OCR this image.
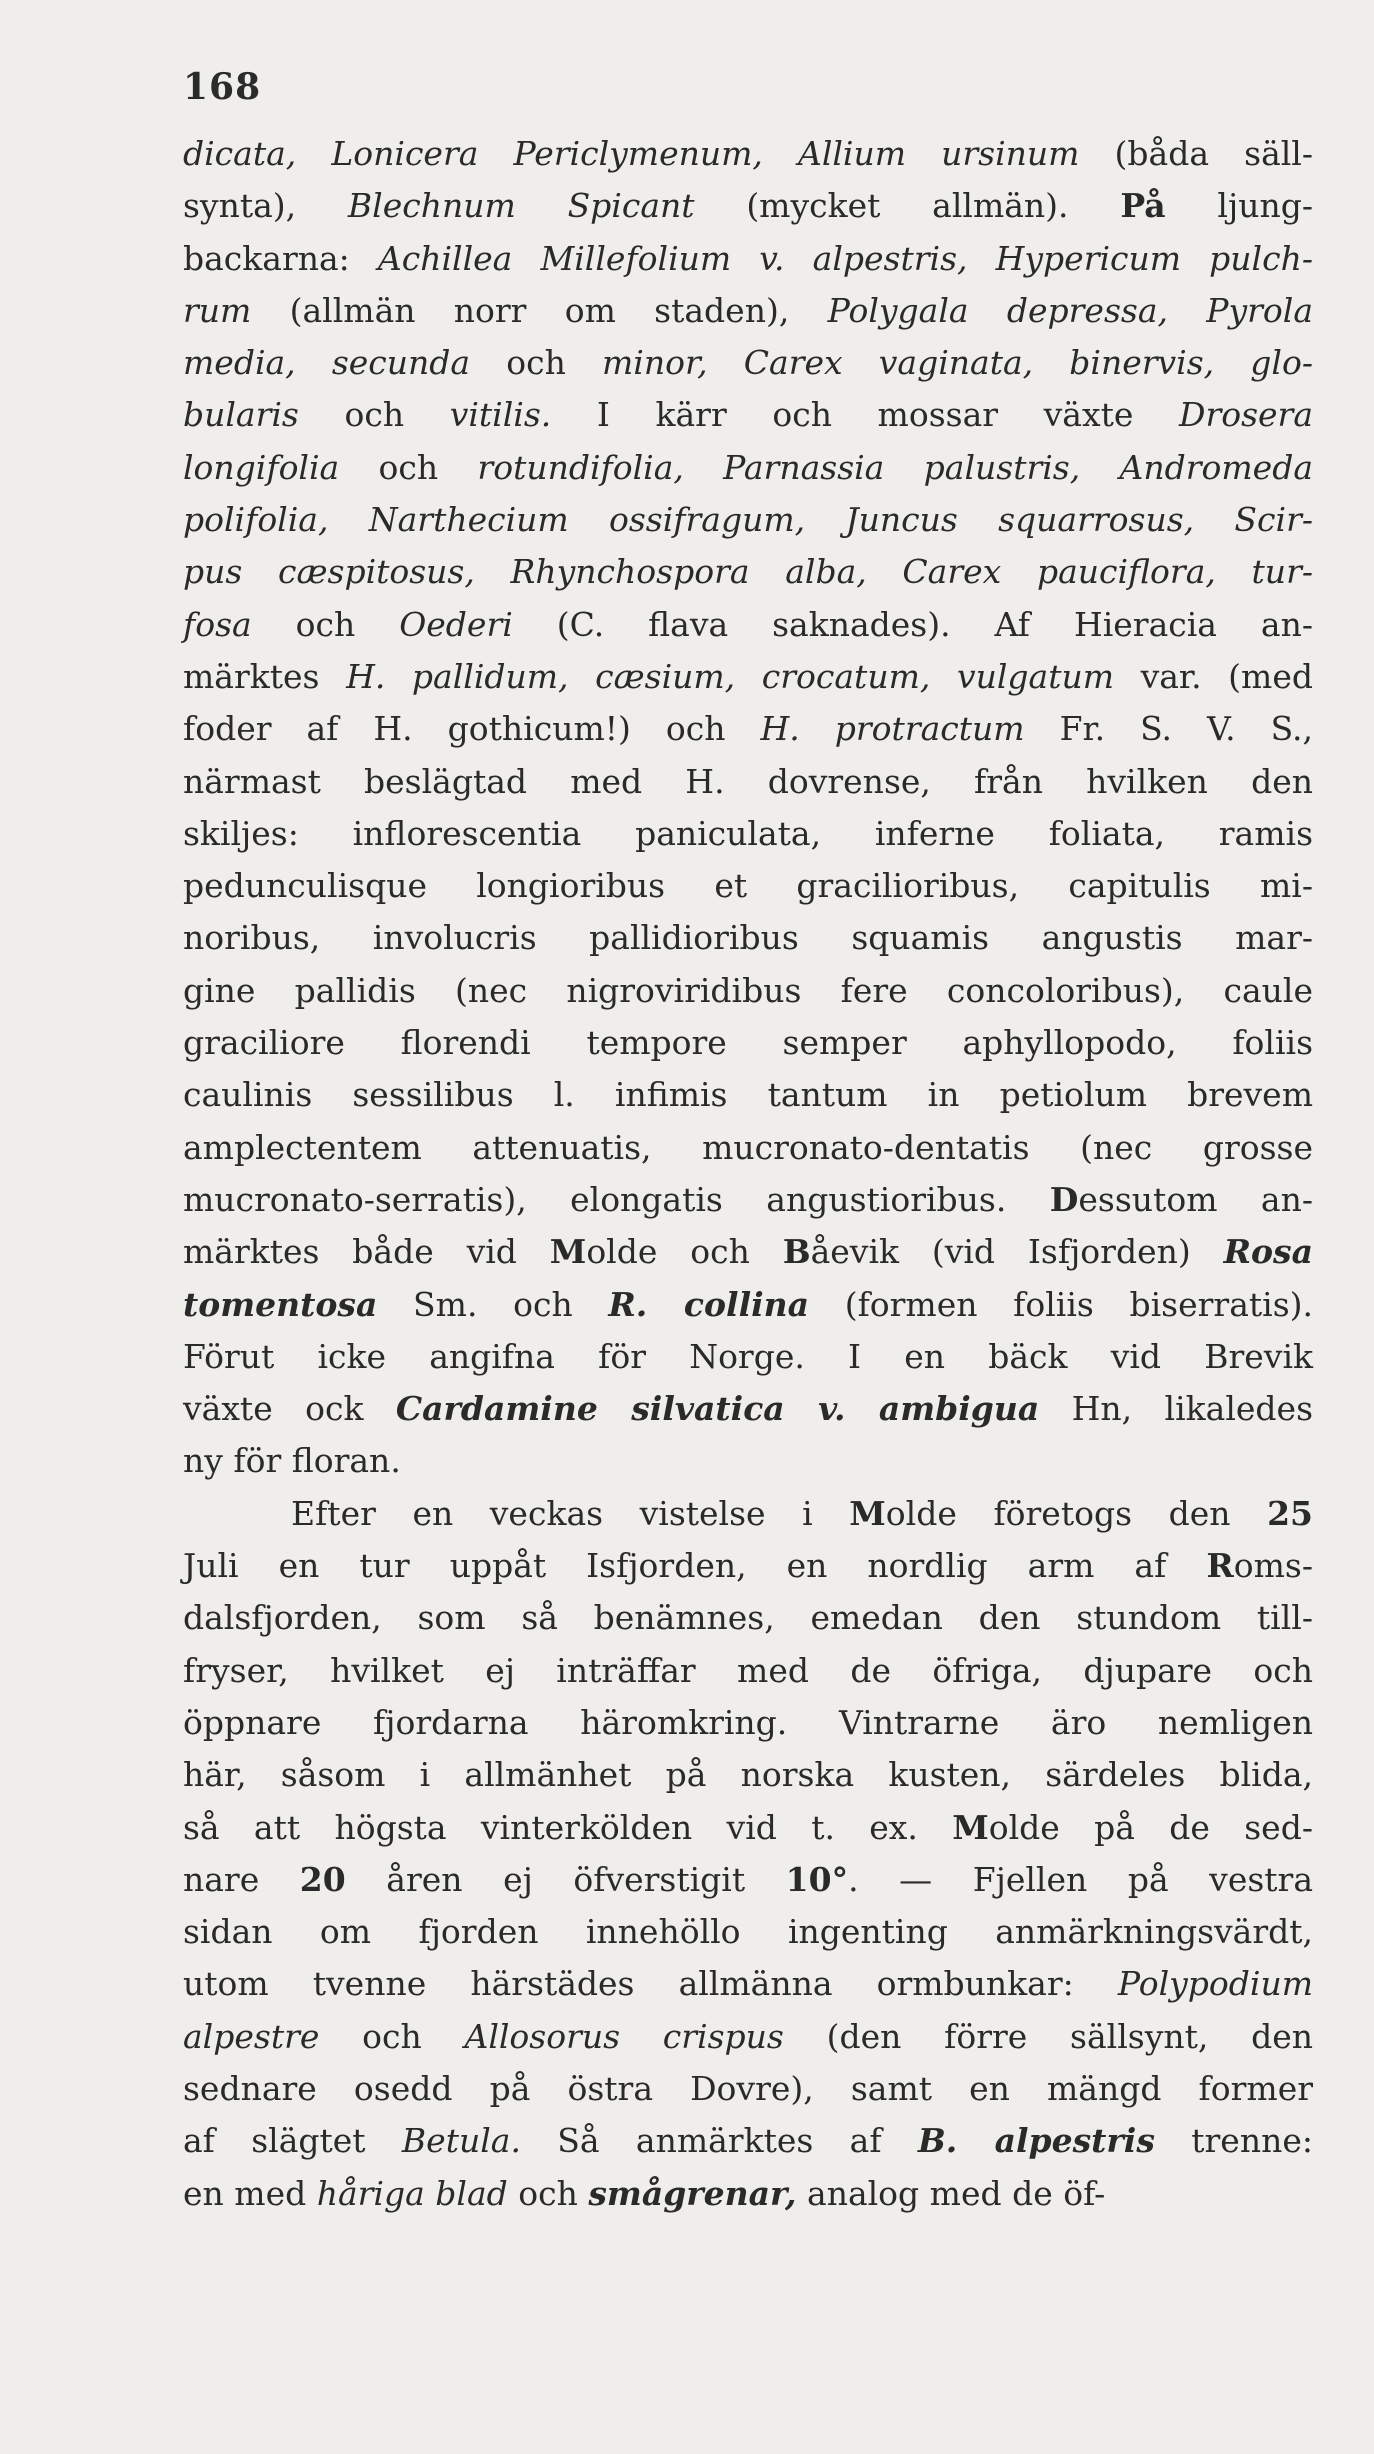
168
dicata, Lonicera Periclymenum, Allium ursinum (båda säll-
synta), Blechnum Spicant (mycket allmän). På ljung-
backarna: Achillea Millefolium v. alpestris, Hypericum pulch-
rum (allmän norr om staden), Polygala depressa, Pyrola
media, secunda och minor, Carex vaginata, binervis, glo-
bularis och vitilis. I kärr och mossar växte Drosera
longifolia och rotundifolia, Parnassia palustris, Andromeda
polifolia, Narthecium ossifragum, Juncus squarrosus, Scir-
pus cæspitosus, Rhynchospora alba, Carex pauciflora, tur-
fosa och Oederi (C. flava saknades). Af Hieracia an-
märktes H. pallidum, cæsium, crocatum, vulgatum var. (med
foder af H. gothicum!) och H. protractum Fr. S. V. S.,
närmast beslägtad med H. dovrense, från hvilken den
skiljes: inflorescentia paniculata, inferne foliata, ramis
pedunculisque longioribus et gracilioribus, capitulis mi-
noribus, involucris pallidioribus squamis angustis mar-
gine pallidis (nec nigroviridibus fere concoloribus), caule
graciliore florendi tempore semper aphyllopodo, foliis
caulinis sessilibus l. infimis tantum in petiolum brevem
amplectentem attenuatis, mucronato-dentatis (nec grosse
mucronato-serratis), elongatis angustioribus. Dessutom an-
märktes både vid Molde och Båevik (vid Isfjorden) Rosa
tomentosa Sm. och R. collina (formen foliis biserratis).
Förut icke angifna för Norge. I en bäck vid Brevik
växte ock Cardamine silvatica v. ambigua Hn, likaledes
ny för floran.
Efter en veckas vistelse i Molde företogs den 25
Juli en tur uppåt Isfjorden, en nordlig arm af Roms-
dalsfjorden, som så benämnes, emedan den stundom till-
fryser, hvilket ej inträffar med de öfriga, djupare och
öppnare fjordarna häromkring. Vintrarne äro nemligen
här, såsom i allmänhet på norska kusten, särdeles blida,
så att högsta vinterkölden vid t. ex. Molde på de sed-
nare 20 åren ej öfverstigit 10°. — Fjellen på vestra
sidan om fjorden innehöllo ingenting anmärkningsvärdt,
utom tvenne härstädes allmänna ormbunkar: Polypodium
alpestre och Allosorus crispus (den förre sällsynt, den
sednare osedd på östra Dovre), samt en mängd former
af slägtet Betula. Så anmärktes af B. alpestris trenne:
en med håriga blad och smågrenar, analog med de öf-
